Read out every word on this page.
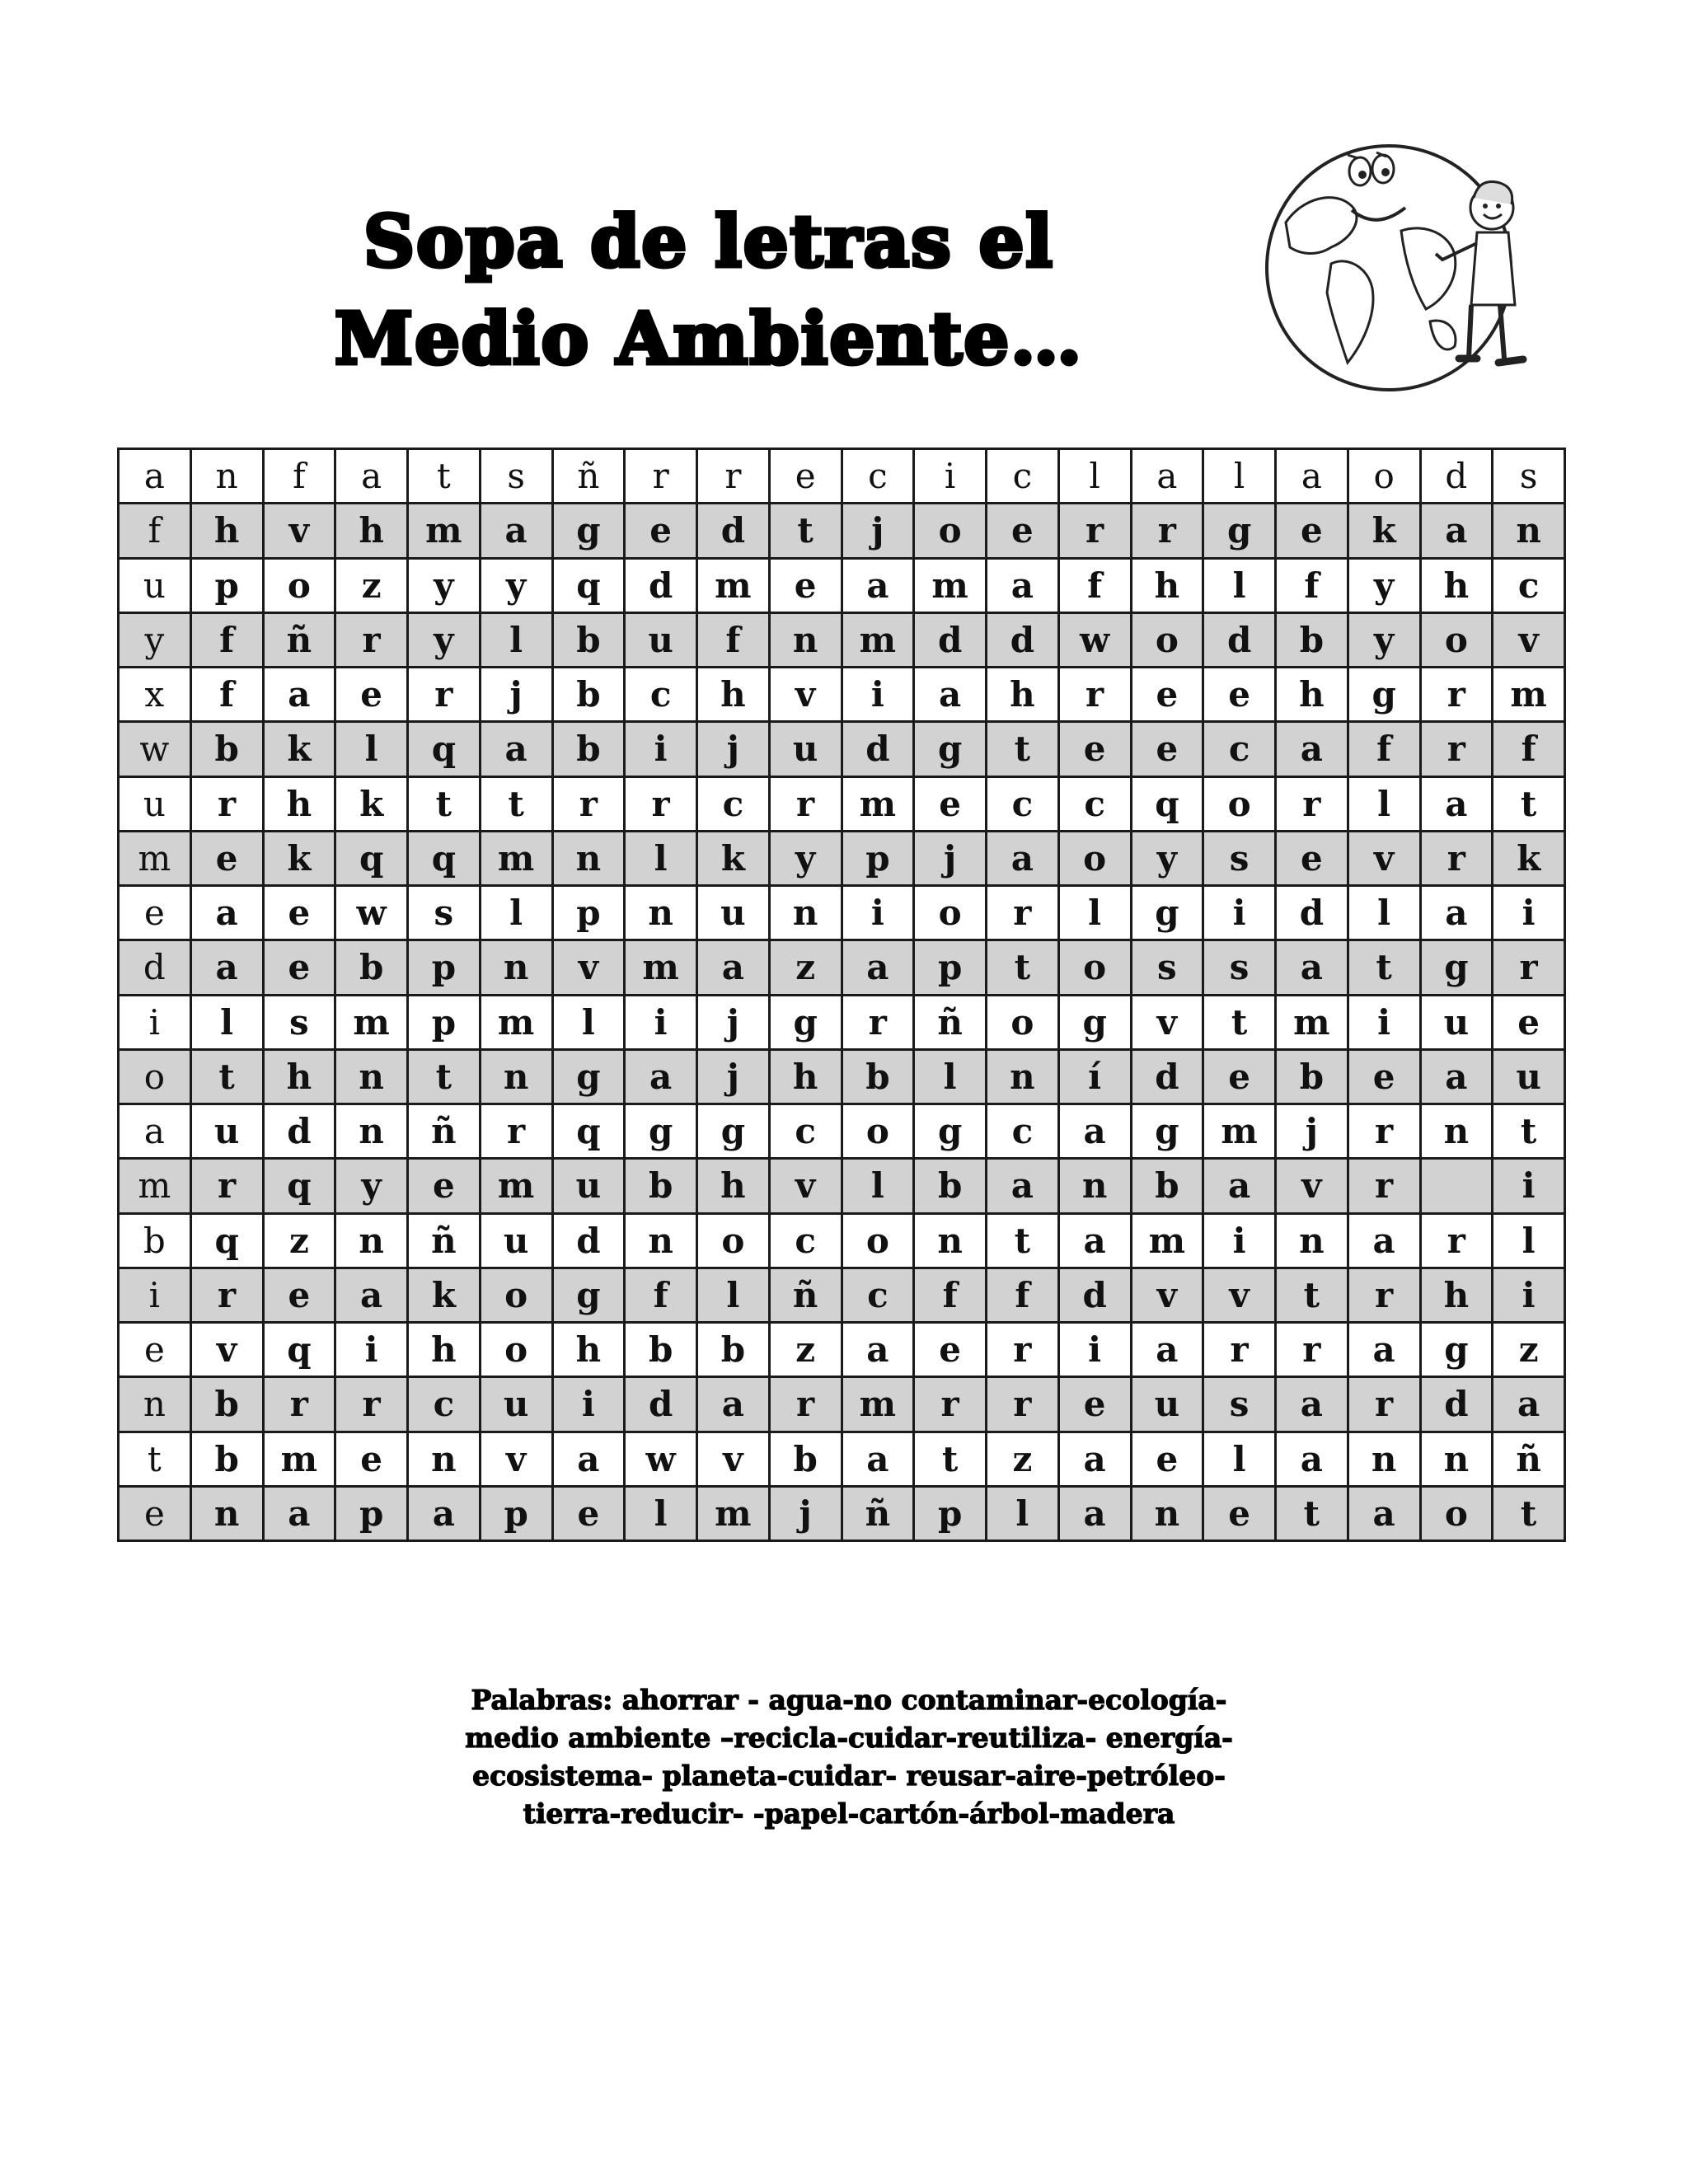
Sopa de letras el
Medio Ambiente…
a	n	f	a	t	s	ñ	r	r	e	c	i	c	l	a	l	a	o	d	s
f	h	v	h	m	a	g	e	d	t	j	o	e	r	r	g	e	k	a	n
u	p	o	z	y	y	q	d	m	e	a	m	a	f	h	l	f	y	h	c
y	f	ñ	r	y	l	b	u	f	n	m	d	d	w	o	d	b	y	o	v
x	f	a	e	r	j	b	c	h	v	i	a	h	r	e	e	h	g	r	m
w	b	k	l	q	a	b	i	j	u	d	g	t	e	e	c	a	f	r	f
u	r	h	k	t	t	r	r	c	r	m	e	c	c	q	o	r	l	a	t
m	e	k	q	q	m	n	l	k	y	p	j	a	o	y	s	e	v	r	k
e	a	e	w	s	l	p	n	u	n	i	o	r	l	g	i	d	l	a	i
d	a	e	b	p	n	v	m	a	z	a	p	t	o	s	s	a	t	g	r
i	l	s	m	p	m	l	i	j	g	r	ñ	o	g	v	t	m	i	u	e
o	t	h	n	t	n	g	a	j	h	b	l	n	í	d	e	b	e	a	u
a	u	d	n	ñ	r	q	g	g	c	o	g	c	a	g	m	j	r	n	t
m	r	q	y	e	m	u	b	h	v	l	b	a	n	b	a	v	r		i
b	q	z	n	ñ	u	d	n	o	c	o	n	t	a	m	i	n	a	r	l
i	r	e	a	k	o	g	f	l	ñ	c	f	f	d	v	v	t	r	h	i
e	v	q	i	h	o	h	b	b	z	a	e	r	i	a	r	r	a	g	z
n	b	r	r	c	u	i	d	a	r	m	r	r	e	u	s	a	r	d	a
t	b	m	e	n	v	a	w	v	b	a	t	z	a	e	l	a	n	n	ñ
e	n	a	p	a	p	e	l	m	j	ñ	p	l	a	n	e	t	a	o	t
Palabras: ahorrar - agua-no contaminar-ecología-
medio ambiente –recicla-cuidar-reutiliza- energía-
ecosistema- planeta-cuidar- reusar-aire-petróleo-
tierra-reducir- -papel-cartón-árbol-madera
